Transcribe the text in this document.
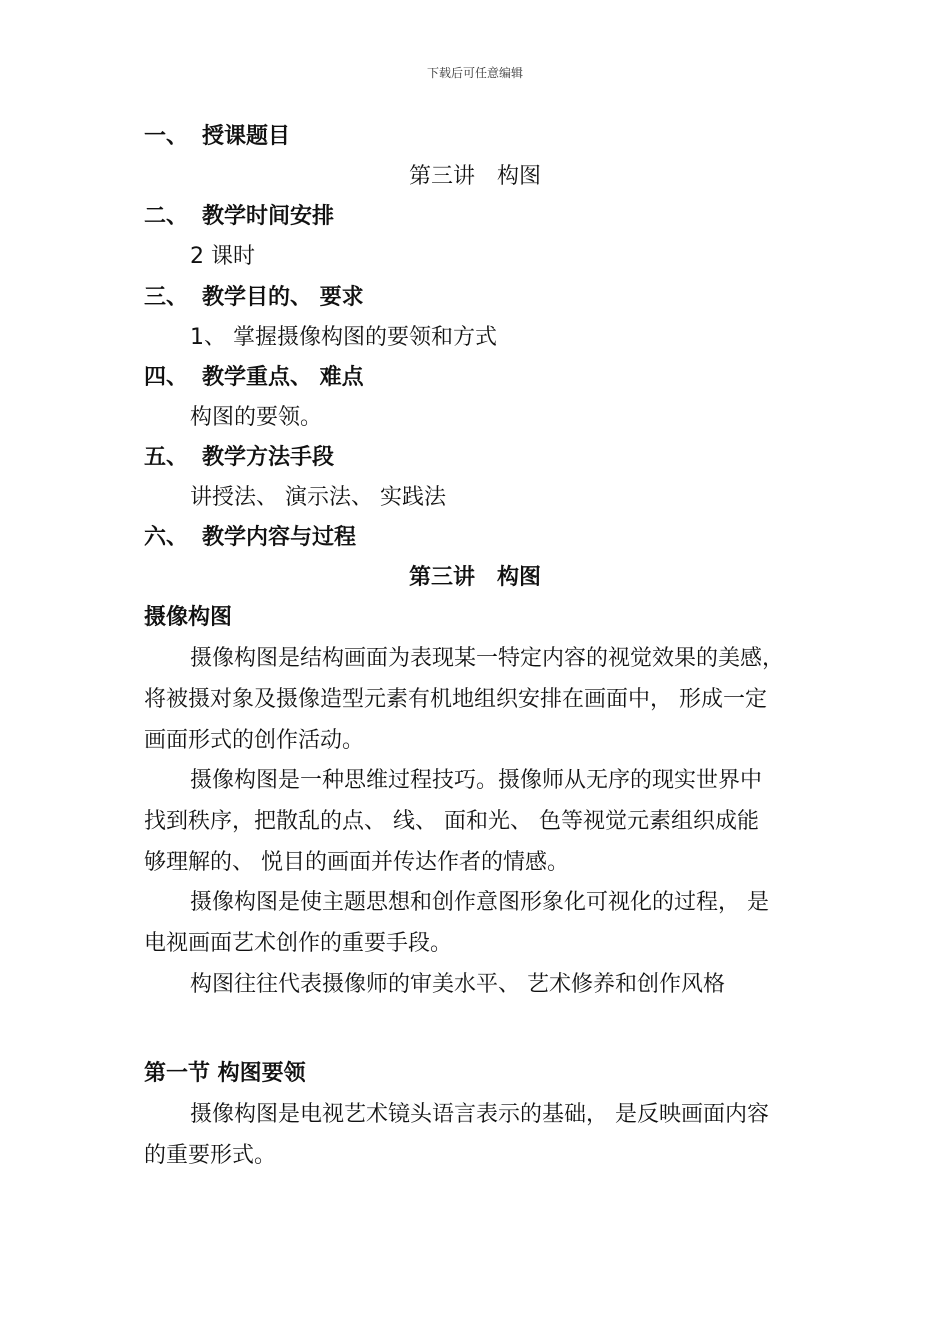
下载后可任意编辑
一、 授课题目
第三讲　构图
二、 教学时间安排
2 课时
三、 教学目的、 要求
1、 掌握摄像构图的要领和方式
四、 教学重点、 难点
构图的要领。
五、 教学方法手段
讲授法、 演示法、 实践法
六、 教学内容与过程
第三讲　构图
摄像构图
摄像构图是结构画面为表现某一特定内容的视觉效果的美感，
将被摄对象及摄像造型元素有机地组织安排在画面中， 形成一定
画面形式的创作活动。
摄像构图是一种思维过程技巧。摄像师从无序的现实世界中
找到秩序，把散乱的点、 线、 面和光、 色等视觉元素组织成能
够理解的、 悦目的画面并传达作者的情感。
摄像构图是使主题思想和创作意图形象化可视化的过程， 是
电视画面艺术创作的重要手段。
构图往往代表摄像师的审美水平、 艺术修养和创作风格
第一节 构图要领
摄像构图是电视艺术镜头语言表示的基础， 是反映画面内容
的重要形式。
